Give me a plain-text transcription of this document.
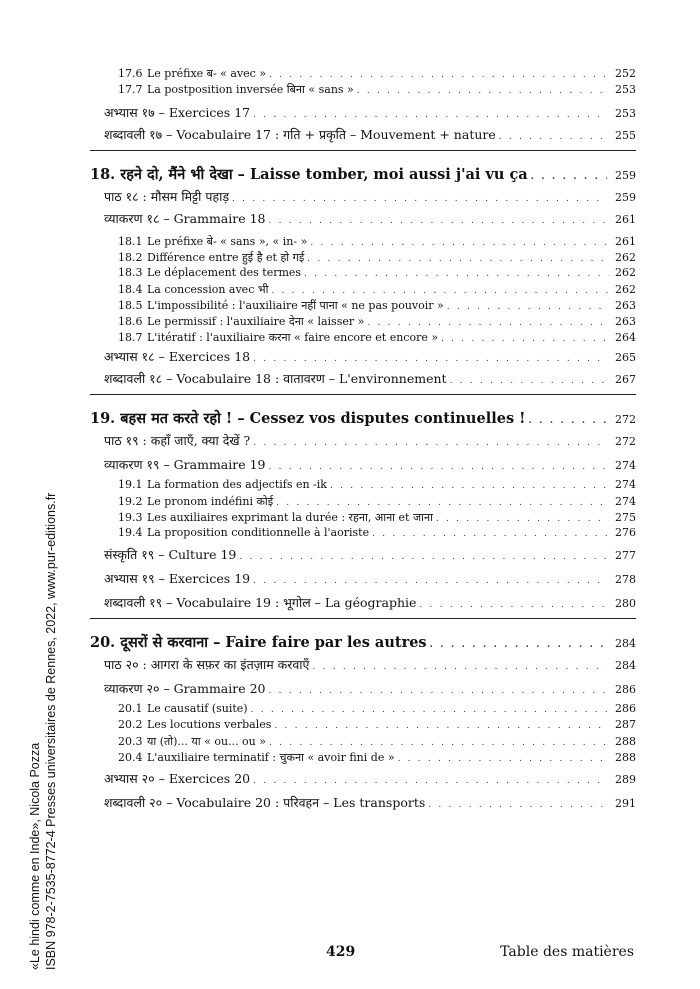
17.6 Le préfixe ब- « avec » . . .	252
17.7 La postposition inversée बिना « sans » . . .	253
अभ्यास १७ – Exercices 17 . . .	253
शब्दावली १७ – Vocabulaire 17 : गति + प्रकृति – Mouvement + nature . . .	255
18. रहने दो, मैंने भी देखा – Laisse tomber, moi aussi j'ai vu ça . . .	259
पाठ १८ : मौसम मिट्टी पहाड़ . . .	259
व्याकरण १८ – Grammaire 18 . . .	261
18.1 Le préfixe बे- « sans », « in- » . . .	261
18.2 Différence entre हुई है et हो गई . . .	262
18.3 Le déplacement des termes . . .	262
18.4 La concession avec भी . . .	262
18.5 L'impossibilité : l'auxiliaire नहीं पाना « ne pas pouvoir » . . .	263
18.6 Le permissif : l'auxiliaire देना « laisser » . . .	263
18.7 L'itératif : l'auxiliaire करना « faire encore et encore » . . .	264
अभ्यास १८ – Exercices 18 . . .	265
शब्दावली १८ – Vocabulaire 18 : वातावरण – L'environnement . . .	267
19. बहस मत करते रहो ! – Cessez vos disputes continuelles ! . . .	272
पाठ १९ : कहाँ जाएँ, क्या देखें ? . . .	272
व्याकरण १९ – Grammaire 19 . . .	274
19.1 La formation des adjectifs en -ik . . .	274
19.2 Le pronom indéfini कोई . . .	274
19.3 Les auxiliaires exprimant la durée : रहना, आना et जाना . . .	275
19.4 La proposition conditionnelle à l'aoriste . . .	276
संस्कृति १९ – Culture 19 . . .	277
अभ्यास १९ – Exercices 19 . . .	278
शब्दावली १९ – Vocabulaire 19 : भूगोल – La géographie . . .	280
20. दूसरों से करवाना – Faire faire par les autres . . .	284
पाठ २० : आगरा के सफ़र का इंतज़ाम करवाएँ . . .	284
व्याकरण २० – Grammaire 20 . . .	286
20.1 Le causatif (suite) . . .	286
20.2 Les locutions verbales . . .	287
20.3 या (तो)... या « ou... ou » . . .	288
20.4 L'auxiliaire terminatif : चुकना « avoir fini de » . . .	288
अभ्यास २० – Exercices 20 . . .	289
शब्दावली २० – Vocabulaire 20 : परिवहन – Les transports . . .	291
«Le hindi comme en Inde», Nicola Pozza ISBN 978-2-7535-8772-4 Presses universitaires de Rennes, 2022, www.pur-editions.fr	429	Table des matières
